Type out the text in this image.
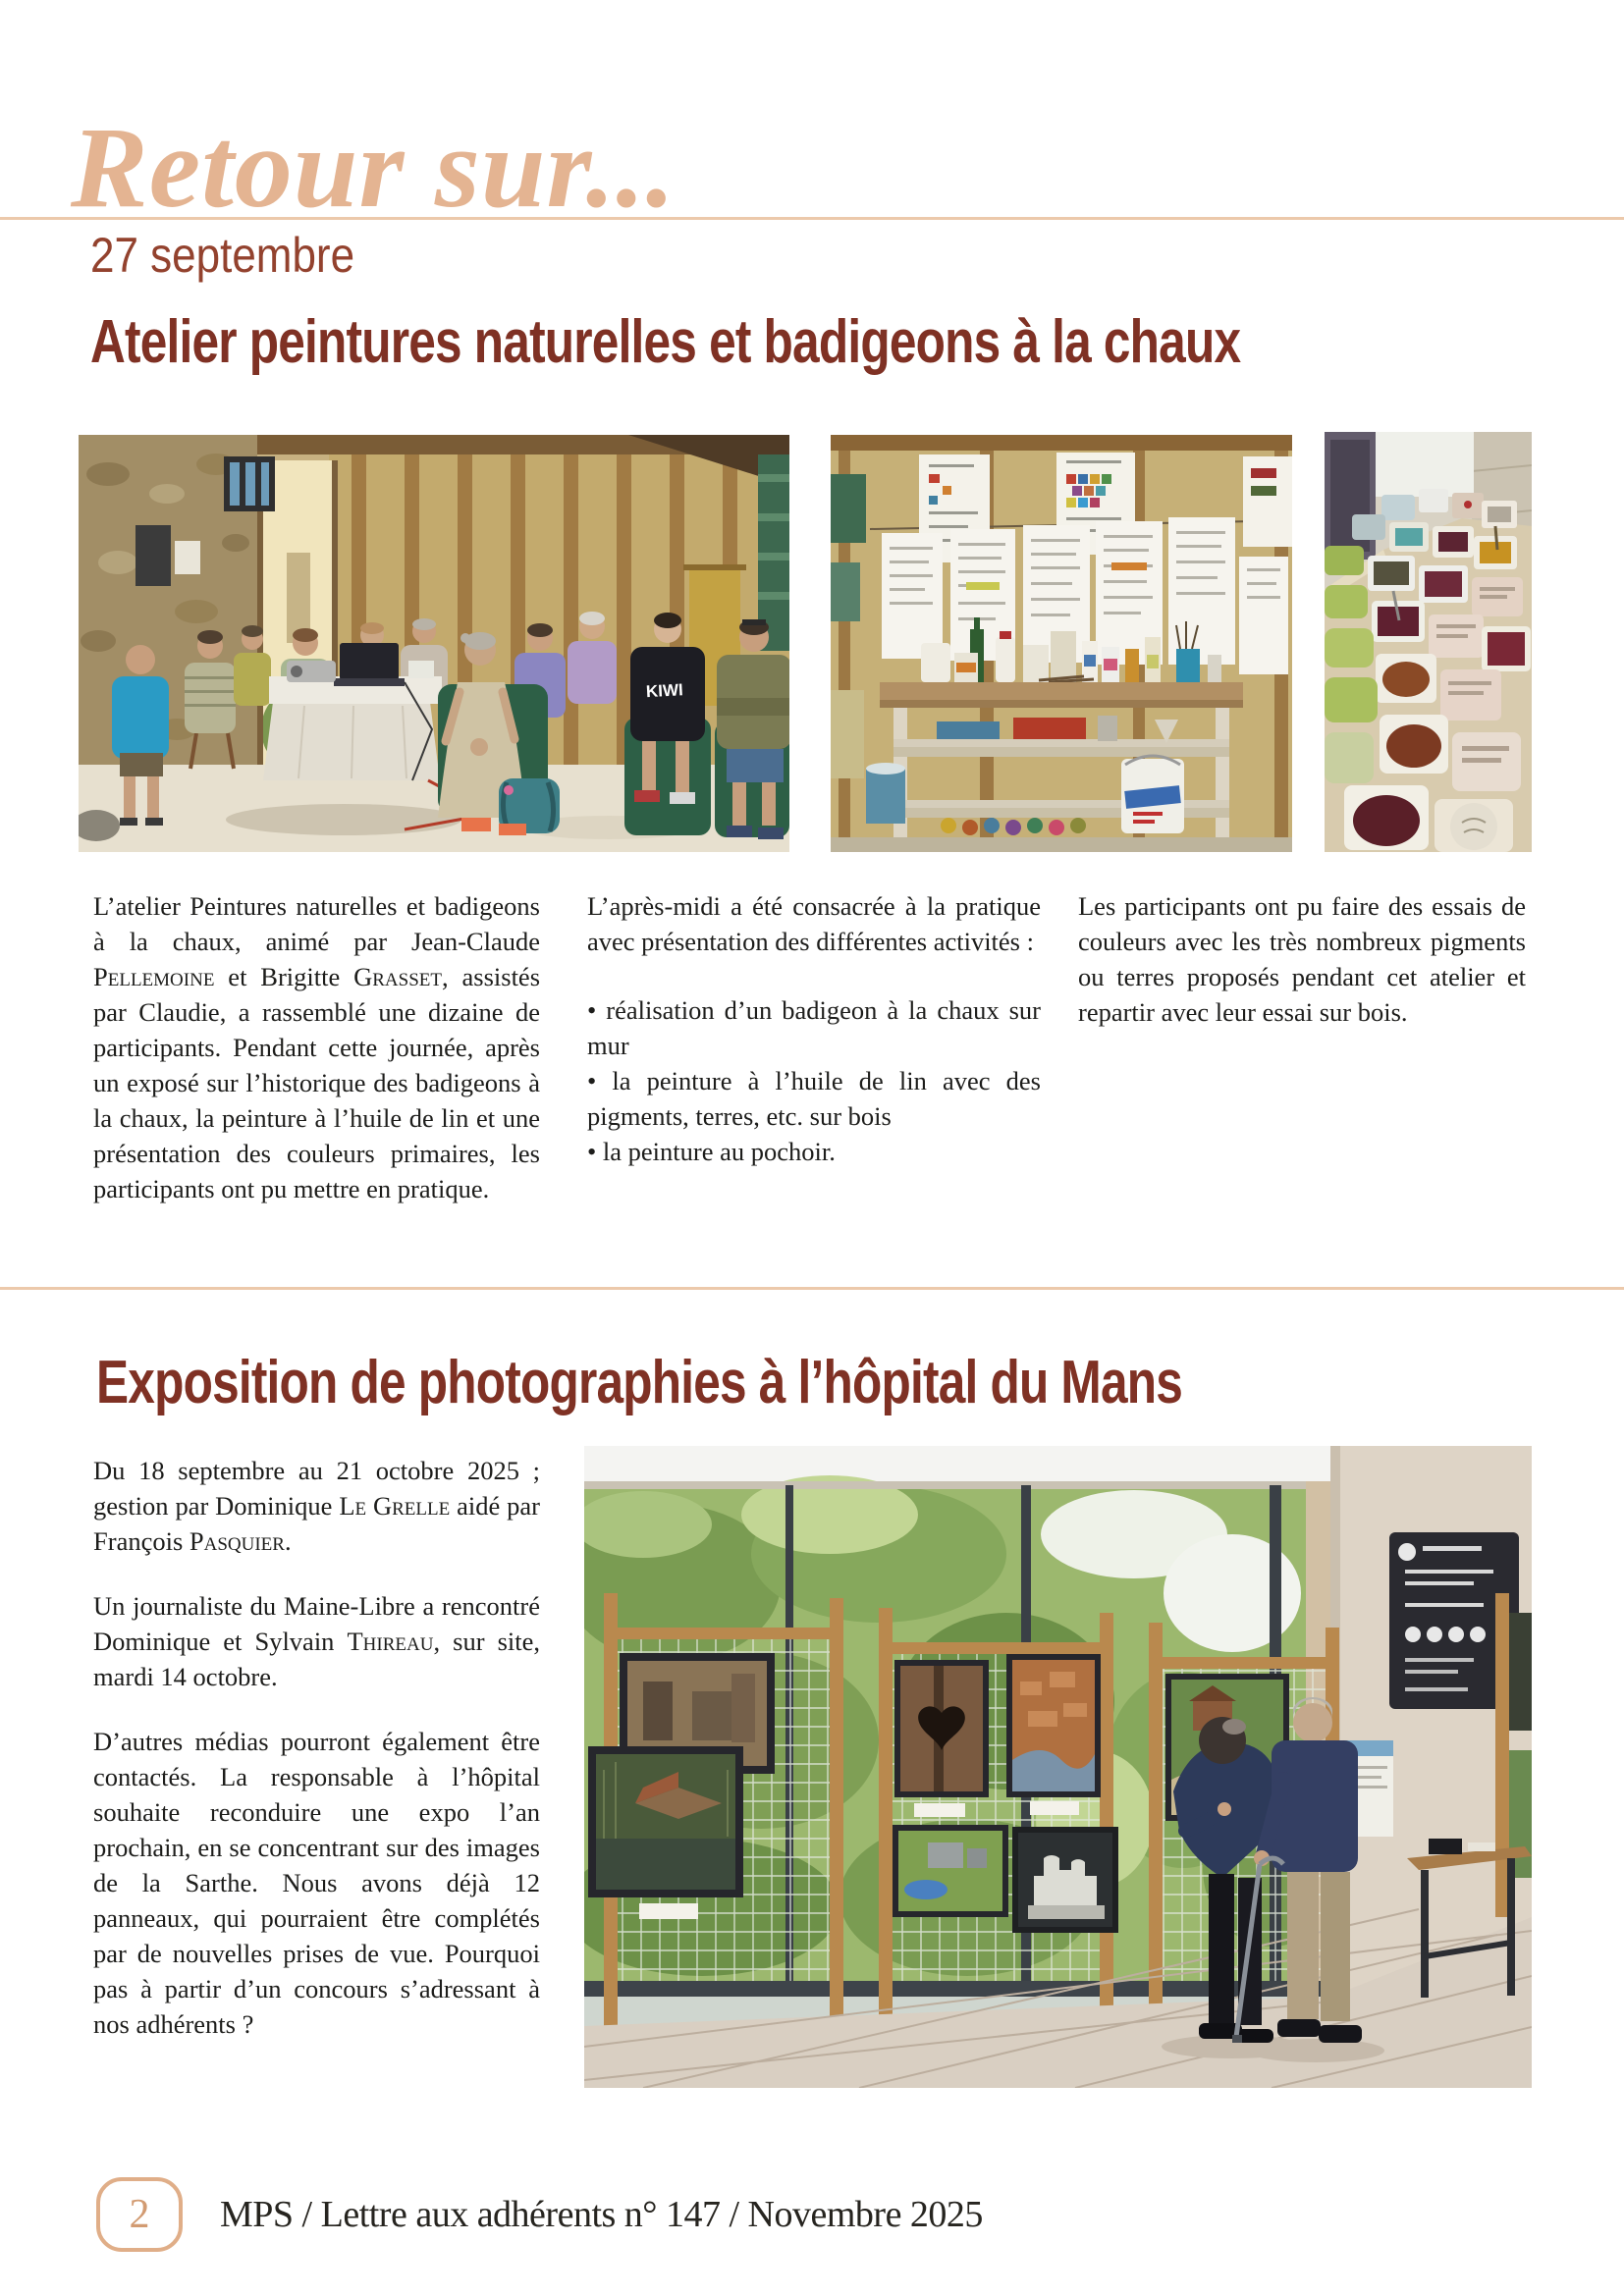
Retour sur...
27 septembre
Atelier peintures naturelles et badigeons à la chaux
KIWI

L’atelier Peintures naturelles et badigeons à la chaux, animé par Jean-Claude Pellemoine et Brigitte Grasset, assistés par Claudie, a rassemblé une dizaine de participants. Pendant cette journée, après un exposé sur l’historique des badigeons à la chaux, la peinture à l’huile de lin et une présentation des couleurs primaires, les participants ont pu mettre en pratique.

L’après-midi a été consacrée à la pratique avec présentation des différentes activités :

• réalisation d’un badigeon à la chaux sur mur
• la peinture à l’huile de lin avec des pigments, terres, etc. sur bois
• la peinture au pochoir.

Les participants ont pu faire des essais de couleurs avec les très nombreux pigments ou terres proposés pendant cet atelier et repartir avec leur essai sur bois.

Exposition de photographies à l’hôpital du Mans

Du 18 septembre au 21 octobre 2025 ; gestion par Dominique Le Grelle aidé par François Pasquier.

Un journaliste du Maine-Libre a rencontré Dominique et Sylvain Thireau, sur site, mardi 14 octobre.

D’autres médias pourront également être contactés. La responsable à l’hôpital souhaite reconduire une expo l’an prochain, en se concentrant sur des images de la Sarthe. Nous avons déjà 12 panneaux, qui pourraient être complétés par de nouvelles prises de vue. Pourquoi pas à partir d’un concours s’adressant à nos adhérents ?

2 MPS / Lettre aux adhérents n° 147 / Novembre 2025
